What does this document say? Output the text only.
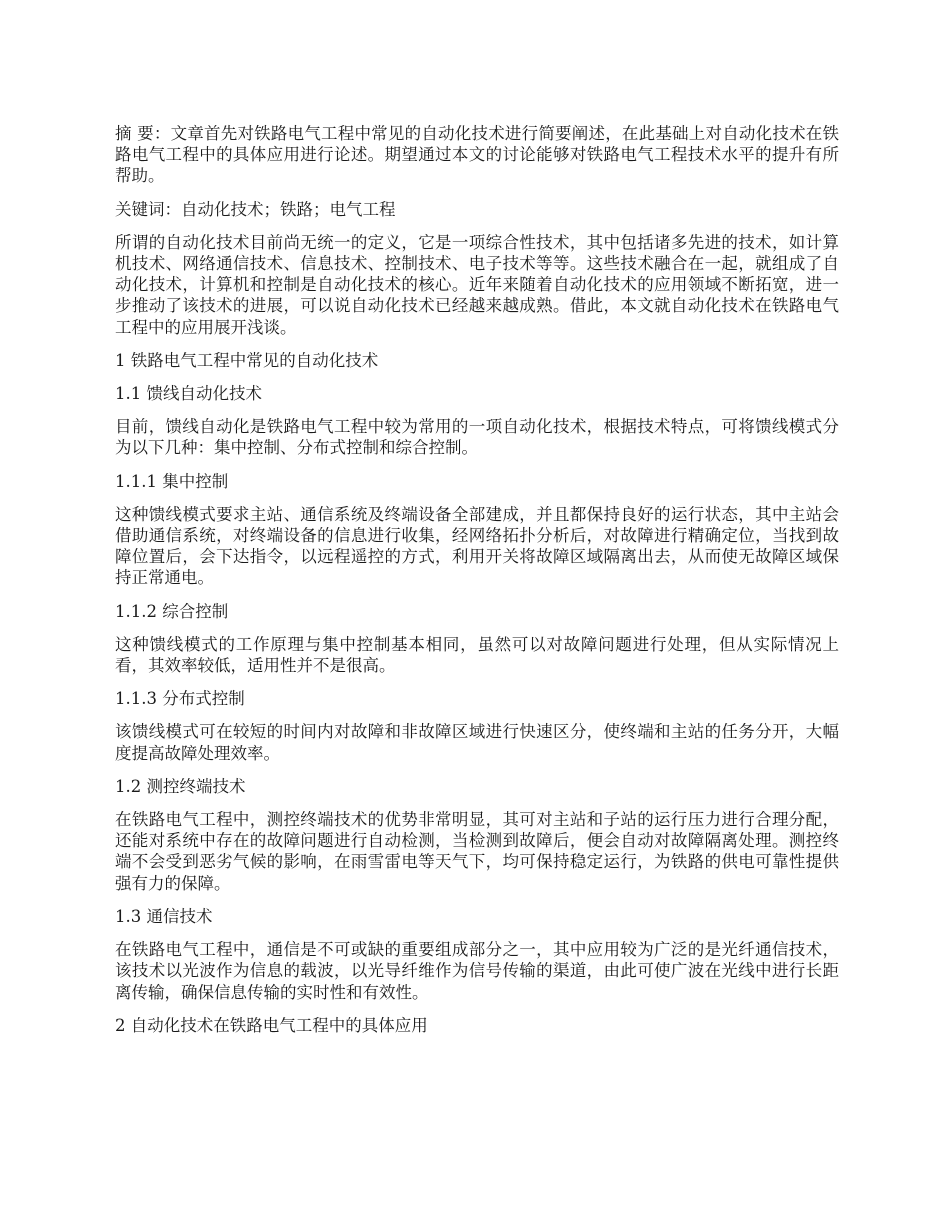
摘 要：文章首先对铁路电气工程中常见的自动化技术进行简要阐述，在此基础上对自动化技术在铁路电气工程中的具体应用进行论述。期望通过本文的讨论能够对铁路电气工程技术水平的提升有所帮助。

关键词：自动化技术；铁路；电气工程

所谓的自动化技术目前尚无统一的定义，它是一项综合性技术，其中包括诸多先进的技术，如计算机技术、网络通信技术、信息技术、控制技术、电子技术等等。这些技术融合在一起，就组成了自动化技术，计算机和控制是自动化技术的核心。近年来随着自动化技术的应用领域不断拓宽，进一步推动了该技术的进展，可以说自动化技术已经越来越成熟。借此，本文就自动化技术在铁路电气工程中的应用展开浅谈。

1 铁路电气工程中常见的自动化技术

1.1 馈线自动化技术

目前，馈线自动化是铁路电气工程中较为常用的一项自动化技术，根据技术特点，可将馈线模式分为以下几种：集中控制、分布式控制和综合控制。

1.1.1 集中控制

这种馈线模式要求主站、通信系统及终端设备全部建成，并且都保持良好的运行状态，其中主站会借助通信系统，对终端设备的信息进行收集，经网络拓扑分析后，对故障进行精确定位，当找到故障位置后，会下达指令，以远程遥控的方式，利用开关将故障区域隔离出去，从而使无故障区域保持正常通电。

1.1.2 综合控制

这种馈线模式的工作原理与集中控制基本相同，虽然可以对故障问题进行处理，但从实际情况上看，其效率较低，适用性并不是很高。

1.1.3 分布式控制

该馈线模式可在较短的时间内对故障和非故障区域进行快速区分，使终端和主站的任务分开，大幅度提高故障处理效率。

1.2 测控终端技术

在铁路电气工程中，测控终端技术的优势非常明显，其可对主站和子站的运行压力进行合理分配，还能对系统中存在的故障问题进行自动检测，当检测到故障后，便会自动对故障隔离处理。测控终端不会受到恶劣气候的影响，在雨雪雷电等天气下，均可保持稳定运行，为铁路的供电可靠性提供强有力的保障。

1.3 通信技术

在铁路电气工程中，通信是不可或缺的重要组成部分之一，其中应用较为广泛的是光纤通信技术，该技术以光波作为信息的载波，以光导纤维作为信号传输的渠道，由此可使广波在光线中进行长距离传输，确保信息传输的实时性和有效性。

2 自动化技术在铁路电气工程中的具体应用
